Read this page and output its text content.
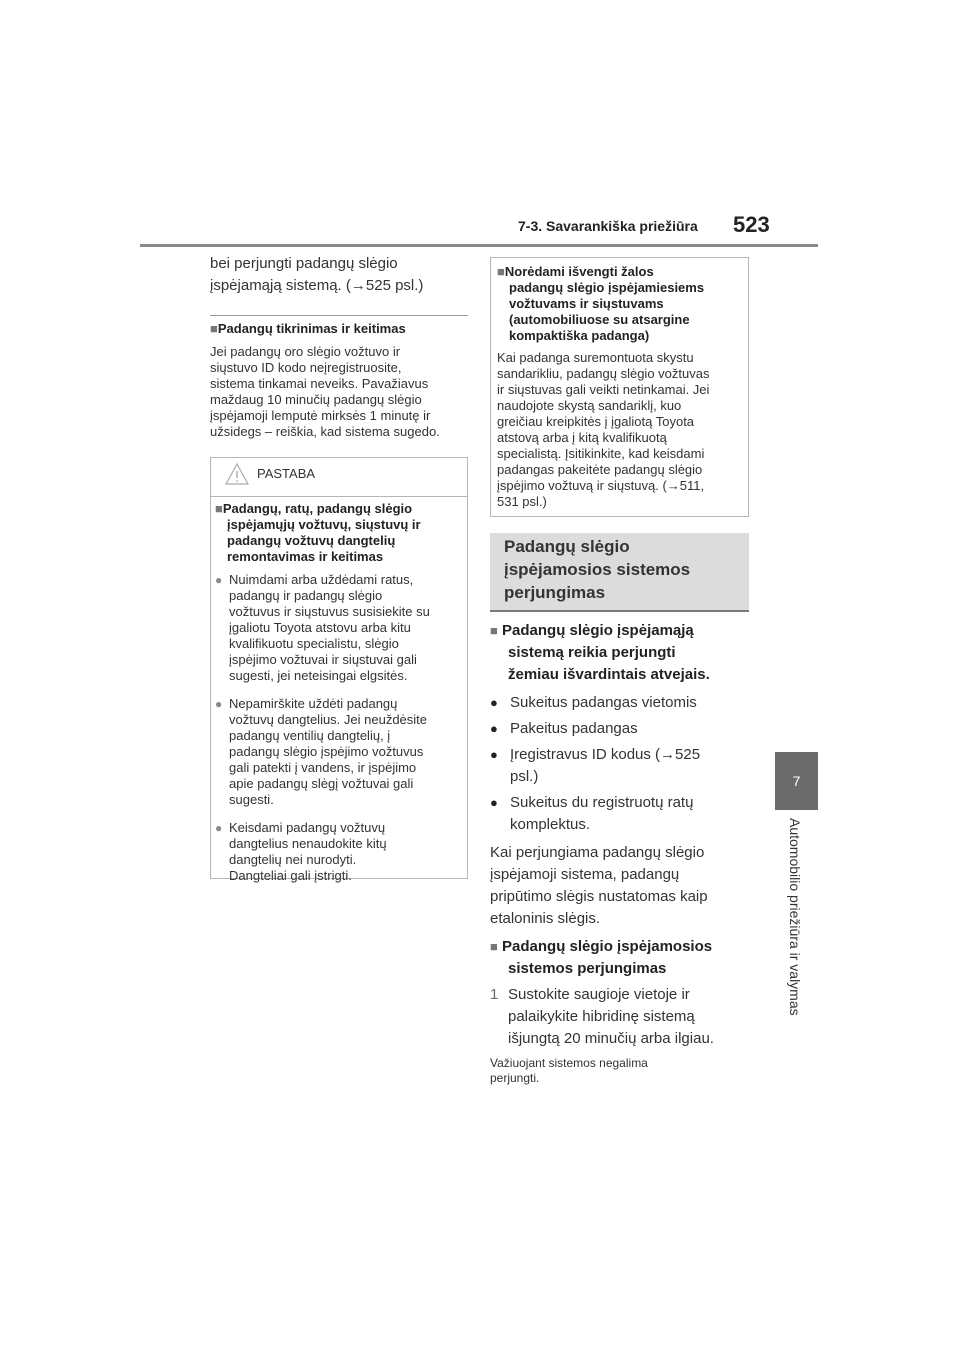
7-3. Savarankiška priežiūra 523
7
Automobilio priežiūra ir valymas
bei perjungti padangų slėgio
įspėjamąją sistemą. (→525 psl.)
■Padangų tikrinimas ir keitimas
Jei padangų oro slėgio vožtuvo ir
siųstuvo ID kodo neįregistruosite,
sistema tinkamai neveiks. Pavažiavus
maždaug 10 minučių padangų slėgio
įspėjamoji lemputė mirksės 1 minutę ir
užsidegs – reiškia, kad sistema sugedo.
PASTABA
■Padangų, ratų, padangų slėgio
įspėjamųjų vožtuvų, siųstuvų ir
padangų vožtuvų dangtelių
remontavimas ir keitimas
● Nuimdami arba uždėdami ratus,
padangų ir padangų slėgio
vožtuvus ir siųstuvus susisiekite su
įgaliotu Toyota atstovu arba kitu
kvalifikuotu specialistu, slėgio
įspėjimo vožtuvai ir siųstuvai gali
sugesti, jei neteisingai elgsitės.
● Nepamirškite uždėti padangų
vožtuvų dangtelius. Jei neuždėsite
padangų ventilių dangtelių, į
padangų slėgio įspėjimo vožtuvus
gali patekti į vandens, ir įspėjimo
apie padangų slėgį vožtuvai gali
sugesti.
● Keisdami padangų vožtuvų
dangtelius nenaudokite kitų
dangtelių nei nurodyti.
Dangteliai gali įstrigti.
■Norėdami išvengti žalos
padangų slėgio įspėjamiesiems
vožtuvams ir siųstuvams
(automobiliuose su atsargine
kompaktiška padanga)
Kai padanga suremontuota skystu
sandarikliu, padangų slėgio vožtuvas
ir siųstuvas gali veikti netinkamai. Jei
naudojote skystą sandariklį, kuo
greičiau kreipkitės į įgaliotą Toyota
atstovą arba į kitą kvalifikuotą
specialistą. Įsitikinkite, kad keisdami
padangas pakeitėte padangų slėgio
įspėjimo vožtuvą ir siųstuvą. (→511,
531 psl.)
Padangų slėgio
įspėjamosios sistemos
perjungimas
■ Padangų slėgio įspėjamąją
sistemą reikia perjungti
žemiau išvardintais atvejais.
● Sukeitus padangas vietomis
● Pakeitus padangas
● Įregistravus ID kodus (→525
psl.)
● Sukeitus du registruotų ratų
komplektus.
Kai perjungiama padangų slėgio
įspėjamoji sistema, padangų
pripūtimo slėgis nustatomas kaip
etaloninis slėgis.
■ Padangų slėgio įspėjamosios
sistemos perjungimas
1 Sustokite saugioje vietoje ir
palaikykite hibridinę sistemą
išjungtą 20 minučių arba ilgiau.
Važiuojant sistemos negalima
perjungti.
